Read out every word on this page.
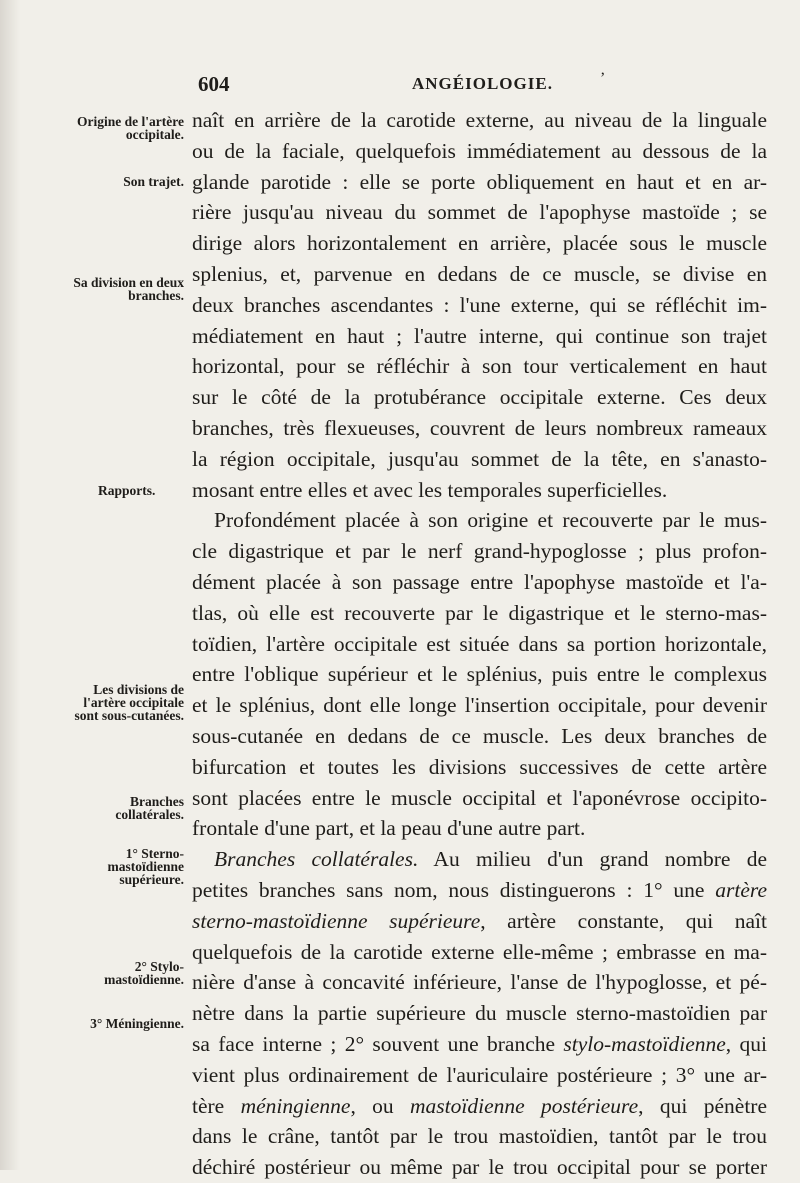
604	ANGÉIOLOGIE.	’
Origine de l'artère occipitale.
Son trajet.
Sa division en deux branches.
Rapports.
Les divisions de l'artère occipitale sont sous-cutanées.
Branches collatérales.
1° Sterno-mastoïdienne supérieure.
2° Stylo-mastoïdienne.
3° Méningienne.
naît en arrière de la carotide externe, au niveau de la linguale
ou de la faciale, quelquefois immédiatement au dessous de la
glande parotide : elle se porte obliquement en haut et en ar-
rière jusqu'au niveau du sommet de l'apophyse mastoïde ; se
dirige alors horizontalement en arrière, placée sous le muscle
splenius, et, parvenue en dedans de ce muscle, se divise en
deux branches ascendantes : l'une externe, qui se réfléchit im-
médiatement en haut ; l'autre interne, qui continue son trajet
horizontal, pour se réfléchir à son tour verticalement en haut
sur le côté de la protubérance occipitale externe. Ces deux
branches, très flexueuses, couvrent de leurs nombreux rameaux
la région occipitale, jusqu'au sommet de la tête, en s'anasto-
mosant entre elles et avec les temporales superficielles.
Profondément placée à son origine et recouverte par le mus-
cle digastrique et par le nerf grand-hypoglosse ; plus profon-
dément placée à son passage entre l'apophyse mastoïde et l'a-
tlas, où elle est recouverte par le digastrique et le sterno-mas-
toïdien, l'artère occipitale est située dans sa portion horizontale,
entre l'oblique supérieur et le splénius, puis entre le complexus
et le splénius, dont elle longe l'insertion occipitale, pour devenir
sous-cutanée en dedans de ce muscle. Les deux branches de
bifurcation et toutes les divisions successives de cette artère
sont placées entre le muscle occipital et l'aponévrose occipito-
frontale d'une part, et la peau d'une autre part.
Branches collatérales. Au milieu d'un grand nombre de
petites branches sans nom, nous distinguerons : 1° une artère
sterno-mastoïdienne supérieure, artère constante, qui naît
quelquefois de la carotide externe elle-même ; embrasse en ma-
nière d'anse à concavité inférieure, l'anse de l'hypoglosse, et pé-
nètre dans la partie supérieure du muscle sterno-mastoïdien par
sa face interne ; 2° souvent une branche stylo-mastoïdienne, qui
vient plus ordinairement de l'auriculaire postérieure ; 3° une ar-
tère méningienne, ou mastoïdienne postérieure, qui pénètre
dans le crâne, tantôt par le trou mastoïdien, tantôt par le trou
déchiré postérieur ou même par le trou occipital pour se porter
